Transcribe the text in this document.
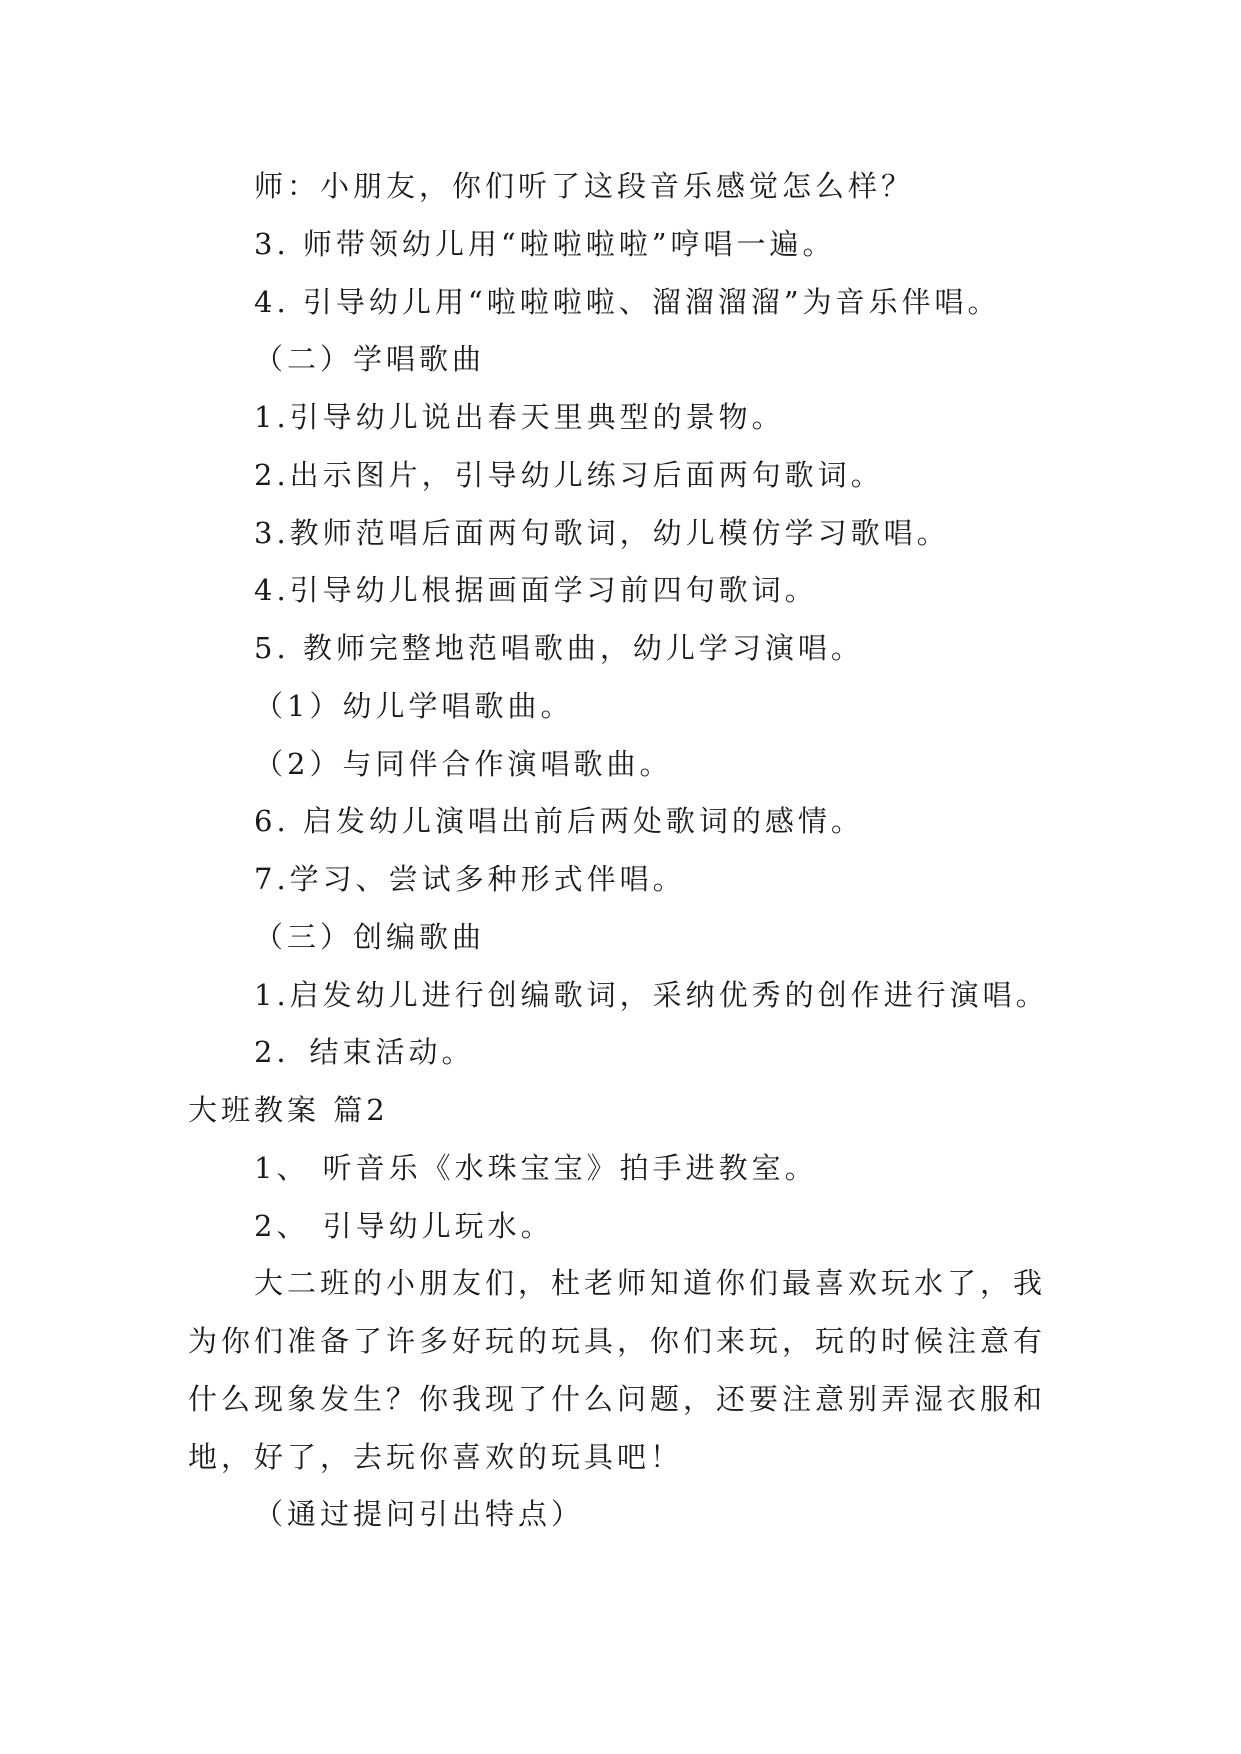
师：小朋友，你们听了这段音乐感觉怎么样？
3. 师带领幼儿用“啦啦啦啦”哼唱一遍。
4. 引导幼儿用“啦啦啦啦、溜溜溜溜”为音乐伴唱。
（二）学唱歌曲
1.引导幼儿说出春天里典型的景物。
2.出示图片，引导幼儿练习后面两句歌词。
3.教师范唱后面两句歌词，幼儿模仿学习歌唱。
4.引导幼儿根据画面学习前四句歌词。
5. 教师完整地范唱歌曲，幼儿学习演唱。
（1）幼儿学唱歌曲。
（2）与同伴合作演唱歌曲。
6. 启发幼儿演唱出前后两处歌词的感情。
7.学习、尝试多种形式伴唱。
（三）创编歌曲
1.启发幼儿进行创编歌词，采纳优秀的创作进行演唱。
2．结束活动。
大班教案 篇2
1、 听音乐《水珠宝宝》拍手进教室。
2、 引导幼儿玩水。
大二班的小朋友们，杜老师知道你们最喜欢玩水了，我
为你们准备了许多好玩的玩具，你们来玩，玩的时候注意有
什么现象发生？你我现了什么问题，还要注意别弄湿衣服和
地，好了，去玩你喜欢的玩具吧！
（通过提问引出特点）
